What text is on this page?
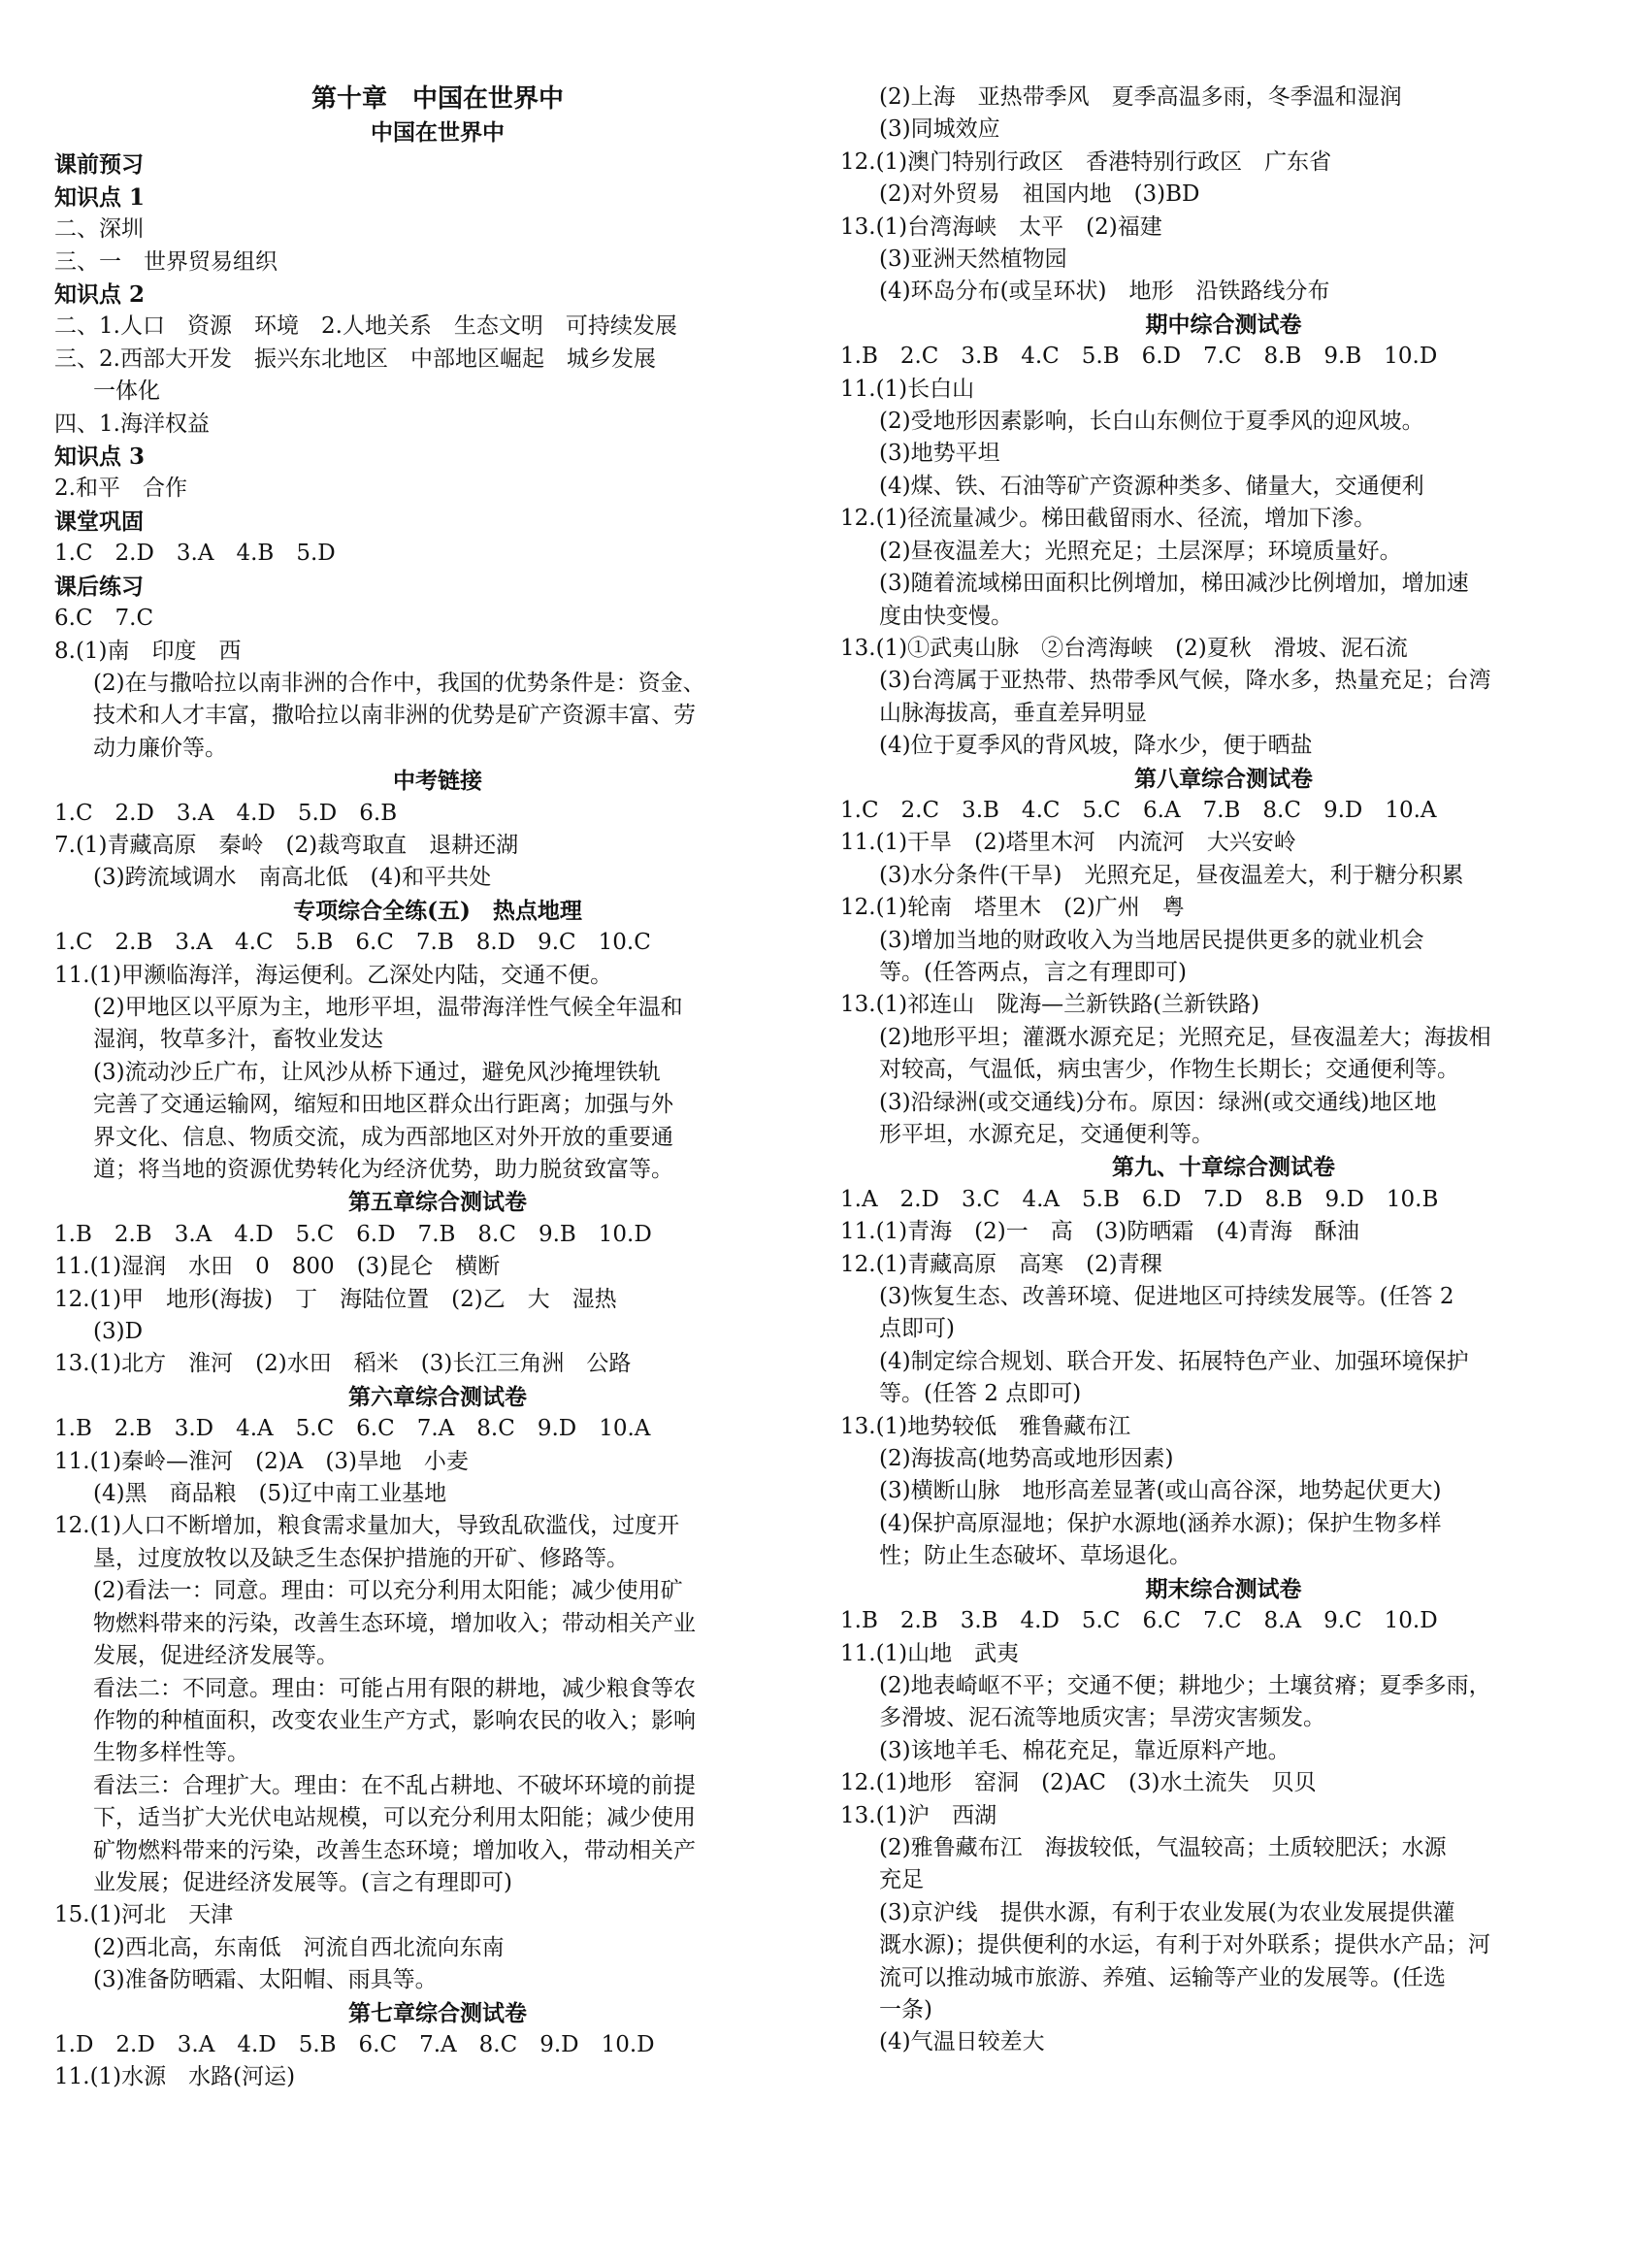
第十章　中国在世界中
中国在世界中
课前预习
知识点 1
二、深圳
三、一　世界贸易组织
知识点 2
二、1.人口　资源　环境　2.人地关系　生态文明　可持续发展
三、2.西部大开发　振兴东北地区　中部地区崛起　城乡发展
一体化
四、1.海洋权益
知识点 3
2.和平　合作
课堂巩固
1.C　2.D　3.A　4.B　5.D
课后练习
6.C　7.C
8.(1)南　印度　西
(2)在与撒哈拉以南非洲的合作中，我国的优势条件是：资金、
技术和人才丰富，撒哈拉以南非洲的优势是矿产资源丰富、劳
动力廉价等。
中考链接
1.C　2.D　3.A　4.D　5.D　6.B
7.(1)青藏高原　秦岭　(2)裁弯取直　退耕还湖
(3)跨流域调水　南高北低　(4)和平共处
专项综合全练(五)　热点地理
1.C　2.B　3.A　4.C　5.B　6.C　7.B　8.D　9.C　10.C
11.(1)甲濒临海洋，海运便利。乙深处内陆，交通不便。
(2)甲地区以平原为主，地形平坦，温带海洋性气候全年温和
湿润，牧草多汁，畜牧业发达
(3)流动沙丘广布，让风沙从桥下通过，避免风沙掩埋铁轨
完善了交通运输网，缩短和田地区群众出行距离；加强与外
界文化、信息、物质交流，成为西部地区对外开放的重要通
道；将当地的资源优势转化为经济优势，助力脱贫致富等。
第五章综合测试卷
1.B　2.B　3.A　4.D　5.C　6.D　7.B　8.C　9.B　10.D
11.(1)湿润　水田　0　800　(3)昆仑　横断
12.(1)甲　地形(海拔)　丁　海陆位置　(2)乙　大　湿热
(3)D
13.(1)北方　淮河　(2)水田　稻米　(3)长江三角洲　公路
第六章综合测试卷
1.B　2.B　3.D　4.A　5.C　6.C　7.A　8.C　9.D　10.A
11.(1)秦岭—淮河　(2)A　(3)旱地　小麦
(4)黑　商品粮　(5)辽中南工业基地
12.(1)人口不断增加，粮食需求量加大，导致乱砍滥伐，过度开
垦，过度放牧以及缺乏生态保护措施的开矿、修路等。
(2)看法一：同意。理由：可以充分利用太阳能；减少使用矿
物燃料带来的污染，改善生态环境，增加收入；带动相关产业
发展，促进经济发展等。
看法二：不同意。理由：可能占用有限的耕地，减少粮食等农
作物的种植面积，改变农业生产方式，影响农民的收入；影响
生物多样性等。
看法三：合理扩大。理由：在不乱占耕地、不破坏环境的前提
下，适当扩大光伏电站规模，可以充分利用太阳能；减少使用
矿物燃料带来的污染，改善生态环境；增加收入，带动相关产
业发展；促进经济发展等。(言之有理即可)
15.(1)河北　天津
(2)西北高，东南低　河流自西北流向东南
(3)准备防晒霜、太阳帽、雨具等。
第七章综合测试卷
1.D　2.D　3.A　4.D　5.B　6.C　7.A　8.C　9.D　10.D
11.(1)水源　水路(河运)
(2)上海　亚热带季风　夏季高温多雨，冬季温和湿润
(3)同城效应
12.(1)澳门特别行政区　香港特别行政区　广东省
(2)对外贸易　祖国内地　(3)BD
13.(1)台湾海峡　太平　(2)福建
(3)亚洲天然植物园
(4)环岛分布(或呈环状)　地形　沿铁路线分布
期中综合测试卷
1.B　2.C　3.B　4.C　5.B　6.D　7.C　8.B　9.B　10.D
11.(1)长白山
(2)受地形因素影响，长白山东侧位于夏季风的迎风坡。
(3)地势平坦
(4)煤、铁、石油等矿产资源种类多、储量大，交通便利
12.(1)径流量减少。梯田截留雨水、径流，增加下渗。
(2)昼夜温差大；光照充足；土层深厚；环境质量好。
(3)随着流域梯田面积比例增加，梯田减沙比例增加，增加速
度由快变慢。
13.(1)①武夷山脉　②台湾海峡　(2)夏秋　滑坡、泥石流
(3)台湾属于亚热带、热带季风气候，降水多，热量充足；台湾
山脉海拔高，垂直差异明显
(4)位于夏季风的背风坡，降水少，便于晒盐
第八章综合测试卷
1.C　2.C　3.B　4.C　5.C　6.A　7.B　8.C　9.D　10.A
11.(1)干旱　(2)塔里木河　内流河　大兴安岭
(3)水分条件(干旱)　光照充足，昼夜温差大，利于糖分积累
12.(1)轮南　塔里木　(2)广州　粤
(3)增加当地的财政收入为当地居民提供更多的就业机会
等。(任答两点，言之有理即可)
13.(1)祁连山　陇海—兰新铁路(兰新铁路)
(2)地形平坦；灌溉水源充足；光照充足，昼夜温差大；海拔相
对较高，气温低，病虫害少，作物生长期长；交通便利等。
(3)沿绿洲(或交通线)分布。原因：绿洲(或交通线)地区地
形平坦，水源充足，交通便利等。
第九、十章综合测试卷
1.A　2.D　3.C　4.A　5.B　6.D　7.D　8.B　9.D　10.B
11.(1)青海　(2)一　高　(3)防晒霜　(4)青海　酥油
12.(1)青藏高原　高寒　(2)青稞
(3)恢复生态、改善环境、促进地区可持续发展等。(任答 2
点即可)
(4)制定综合规划、联合开发、拓展特色产业、加强环境保护
等。(任答 2 点即可)
13.(1)地势较低　雅鲁藏布江
(2)海拔高(地势高或地形因素)
(3)横断山脉　地形高差显著(或山高谷深，地势起伏更大)
(4)保护高原湿地；保护水源地(涵养水源)；保护生物多样
性；防止生态破坏、草场退化。
期末综合测试卷
1.B　2.B　3.B　4.D　5.C　6.C　7.C　8.A　9.C　10.D
11.(1)山地　武夷
(2)地表崎岖不平；交通不便；耕地少；土壤贫瘠；夏季多雨，
多滑坡、泥石流等地质灾害；旱涝灾害频发。
(3)该地羊毛、棉花充足，靠近原料产地。
12.(1)地形　窑洞　(2)AC　(3)水土流失　贝贝
13.(1)沪　西湖
(2)雅鲁藏布江　海拔较低，气温较高；土质较肥沃；水源
充足
(3)京沪线　提供水源，有利于农业发展(为农业发展提供灌
溉水源)；提供便利的水运，有利于对外联系；提供水产品；河
流可以推动城市旅游、养殖、运输等产业的发展等。(任选
一条)
(4)气温日较差大
